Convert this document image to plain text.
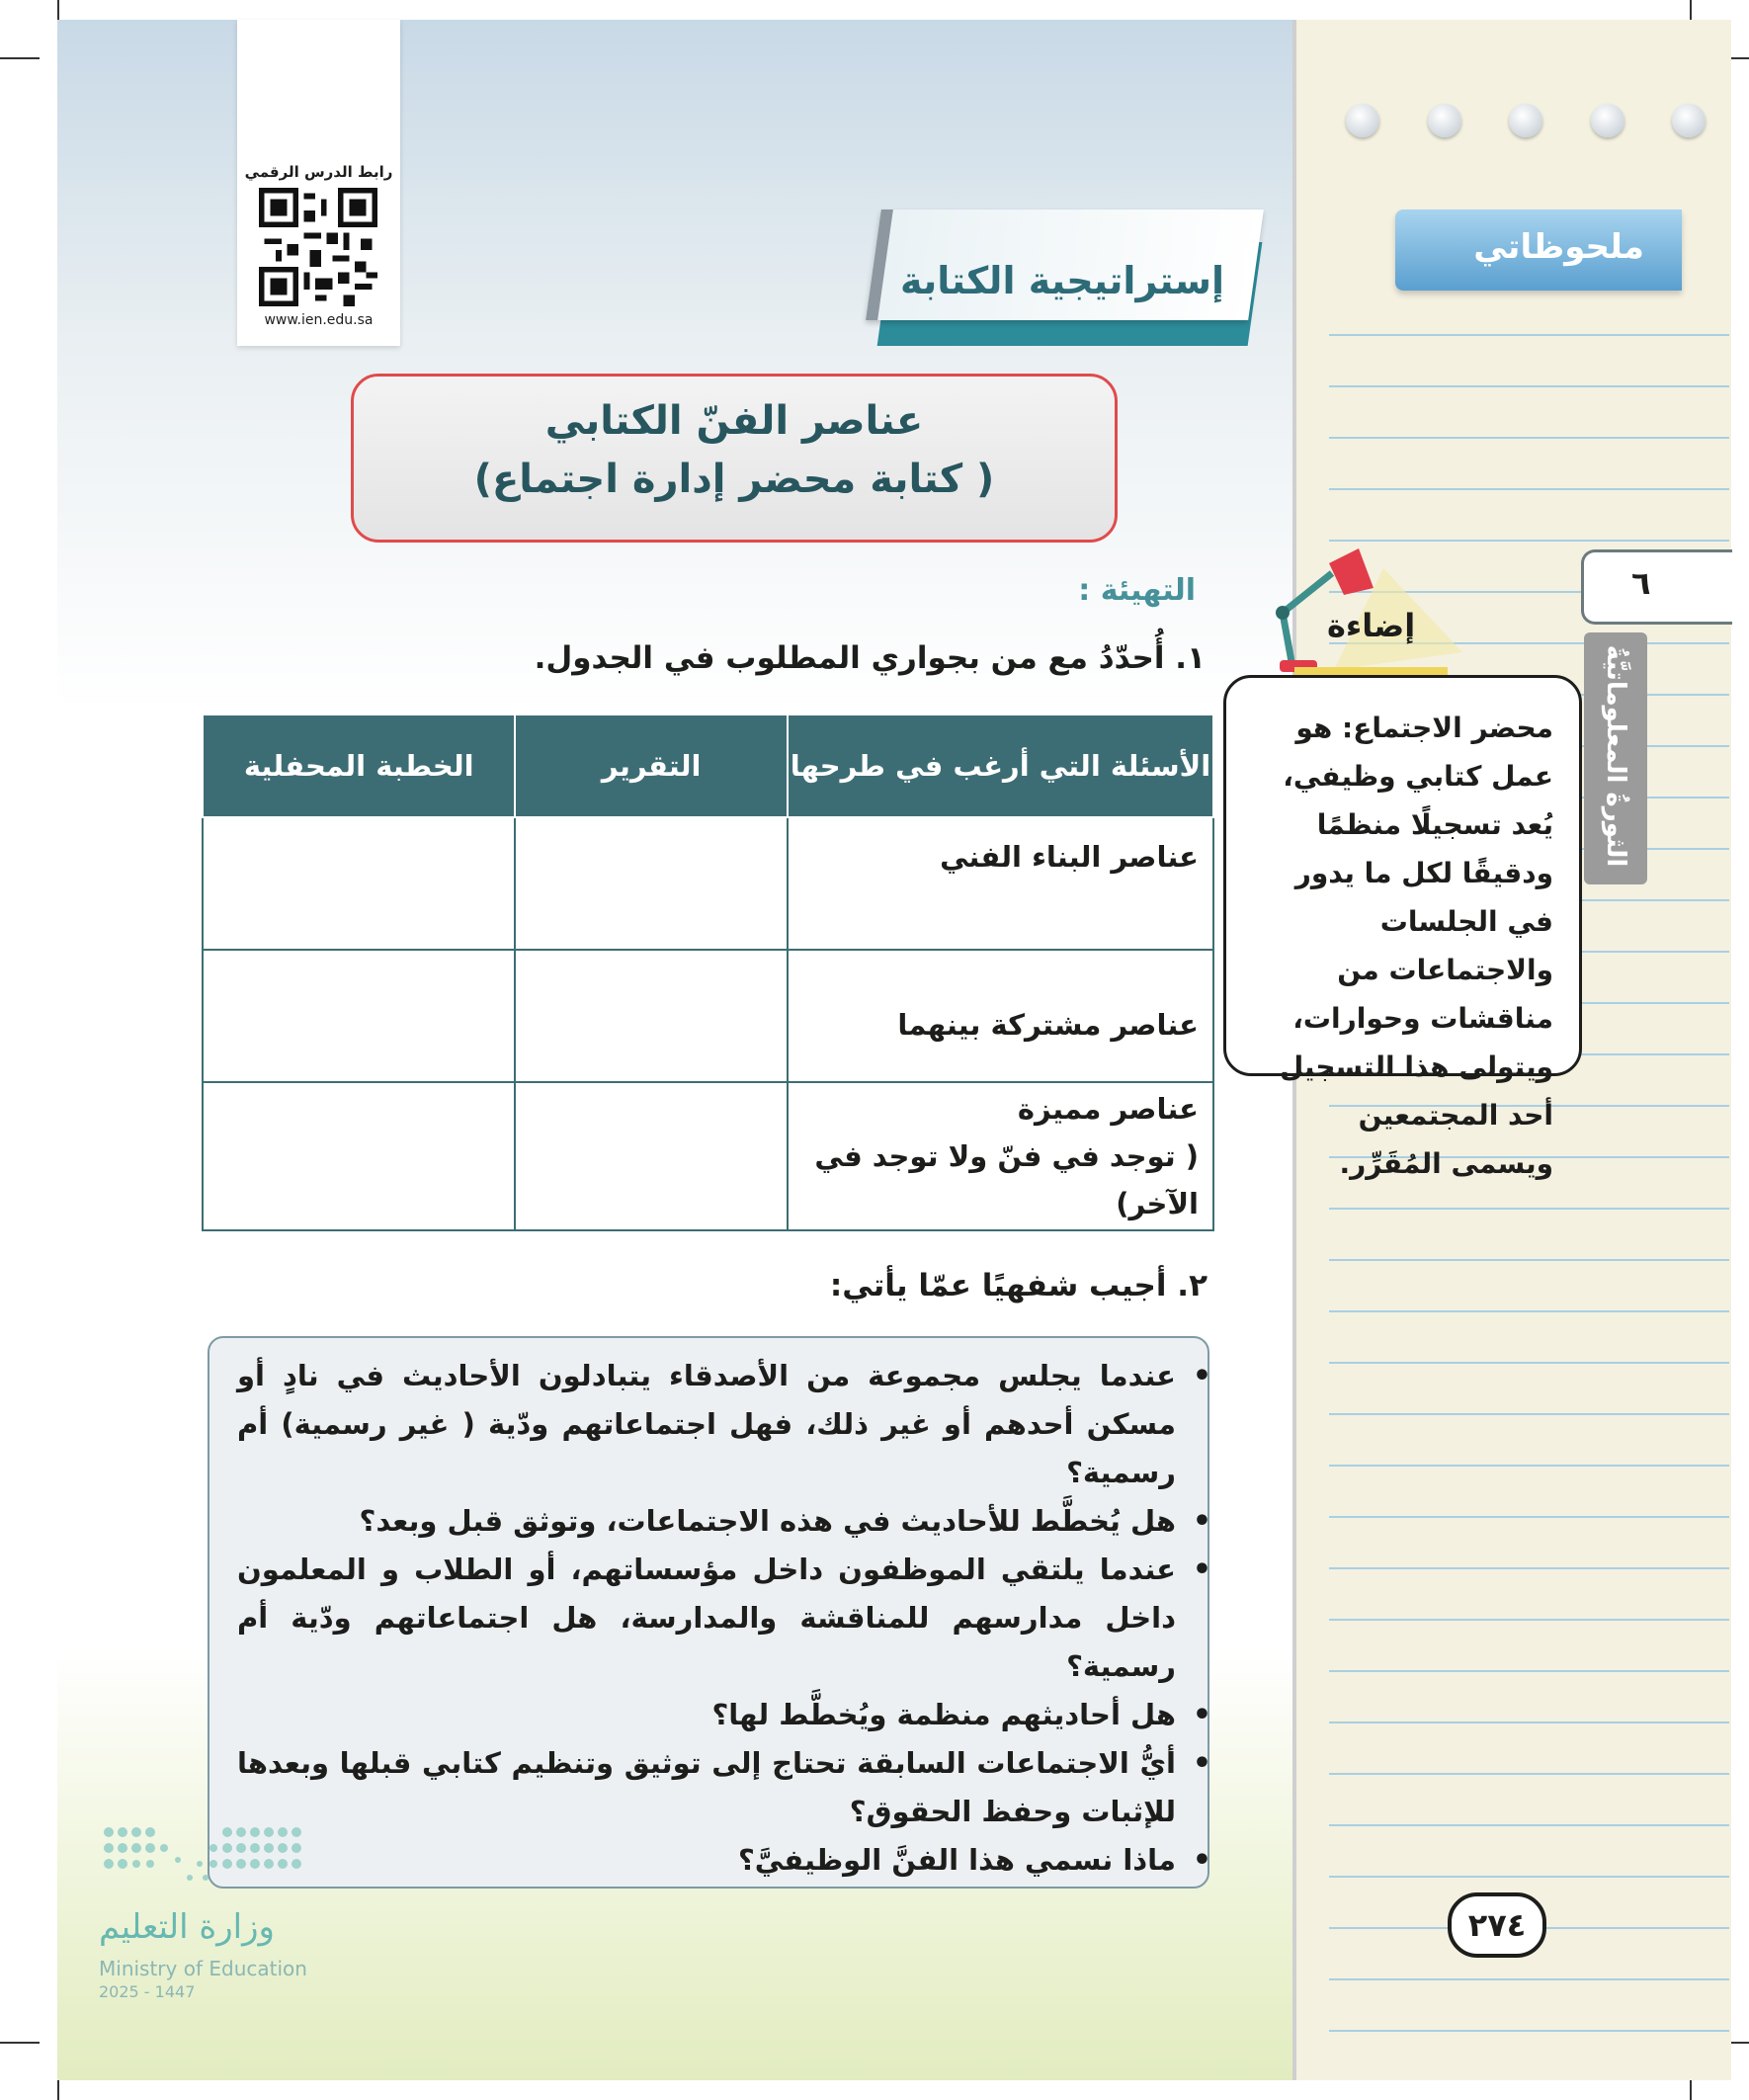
ملحوظاتي
٦
الثورةُ المعلوماتيَّةُ
رابط الدرس الرقمي
www.ien.edu.sa
إستراتيجية الكتابة
عناصر الفنّ الكتابي
( كتابة محضر إدارة اجتماع)
إضاءة
محضر الاجتماع: هو عمل كتابي وظيفي، يُعد تسجيلًا منظمًا ودقيقًا لكل ما يدور في الجلسات والاجتماعات من مناقشات وحوارات، ويتولى هذا التسجيل أحد المجتمعين ويسمى المُقَرِّر.
التهيئة :
١. أُحدّدُ مع من بجواري المطلوب في الجدول.
الأسئلة التي أرغب في طرحها	التقرير	الخطبة المحفلية
عناصر البناء الفني		
عناصر مشتركة بينهما		

عناصر مميزة
( توجد في فنّ ولا توجد في الآخر)		

٢. أجيب شفهيًا عمّا يأتي:
• عندما يجلس مجموعة من الأصدقاء يتبادلون الأحاديث في نادٍ أو مسكن أحدهم أو غير ذلك، فهل اجتماعاتهم ودّية ( غير رسمية) أم رسمية؟
• هل يُخطَّط للأحاديث في هذه الاجتماعات، وتوثق قبل وبعد؟
• عندما يلتقي الموظفون داخل مؤسساتهم، أو الطلاب و المعلمون داخل مدارسهم للمناقشة والمدارسة، هل اجتماعاتهم ودّية أم رسمية؟
• هل أحاديثهم منظمة ويُخطَّط لها؟
• أيُّ الاجتماعات السابقة تحتاج إلى توثيق وتنظيم كتابي قبلها وبعدها للإثبات وحفظ الحقوق؟
• ماذا نسمي هذا الفنَّ الوظيفيَّ؟
وزارة التعليم
Ministry of Education
2025 - 1447
٢٧٤
